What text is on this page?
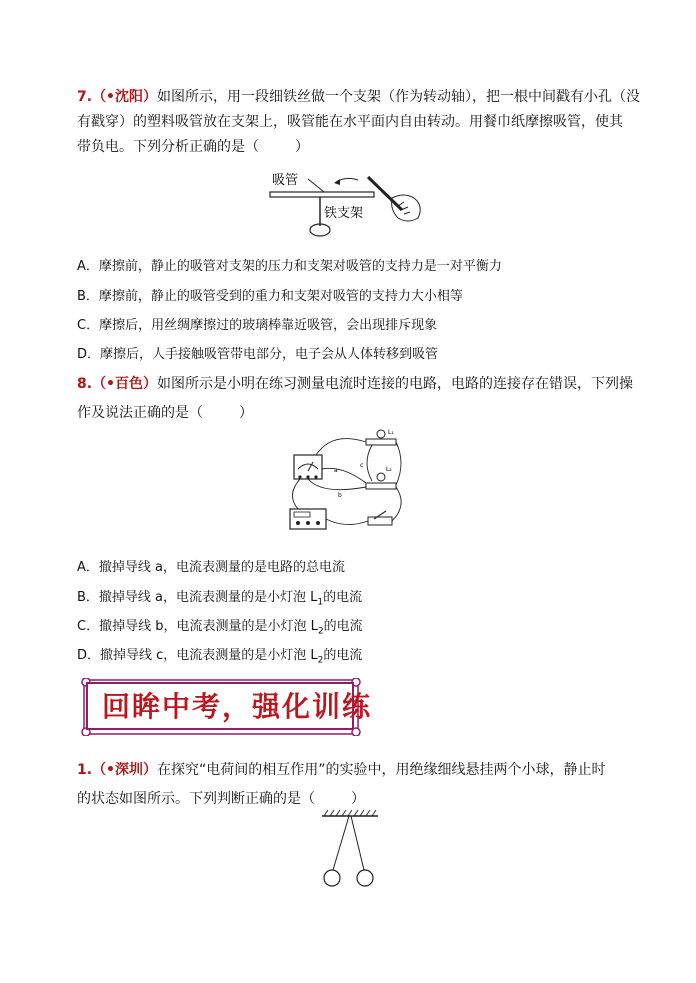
7.（•沈阳）如图所示，用一段细铁丝做一个支架（作为转动轴），把一根中间戳有小孔（没
有戳穿）的塑料吸管放在支架上，吸管能在水平面内自由转动。用餐巾纸摩擦吸管，使其
带负电。下列分析正确的是（	）
吸管
铁支架
A．摩擦前，静止的吸管对支架的压力和支架对吸管的支持力是一对平衡力
B．摩擦前，静止的吸管受到的重力和支架对吸管的支持力大小相等
C．摩擦后，用丝绸摩擦过的玻璃棒靠近吸管，会出现排斥现象
D．摩擦后，人手接触吸管带电部分，电子会从人体转移到吸管
8.（•百色）如图所示是小明在练习测量电流时连接的电路，电路的连接存在错误，下列操
作及说法正确的是（	）
L₁
L₂
a
b
c
A．撤掉导线 a，电流表测量的是电路的总电流
B．撤掉导线 a，电流表测量的是小灯泡 $L_1$的电流
C．撤掉导线 b，电流表测量的是小灯泡 $L_2$的电流
D．撤掉导线 c，电流表测量的是小灯泡 $L_2$的电流
回眸中考，强化训练
1.（•深圳）在探究“电荷间的相互作用”的实验中，用绝缘细线悬挂两个小球，静止时
的状态如图所示。下列判断正确的是（	）
